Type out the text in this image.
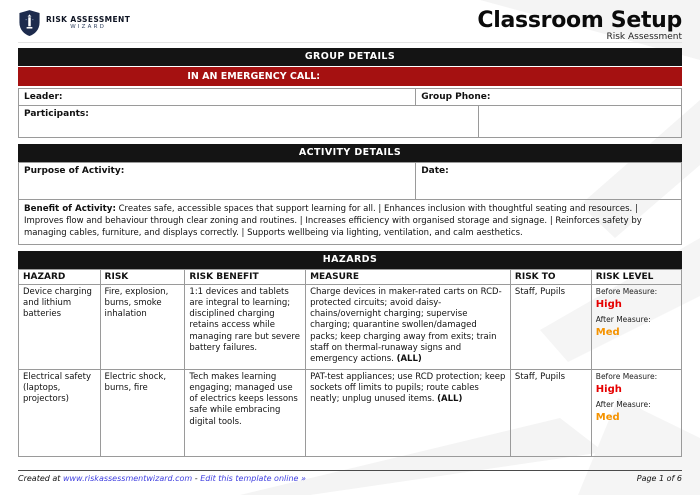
RISK ASSESSMENT
WIZARD	Classroom Setup
Risk Assessment
GROUP DETAILS
IN AN EMERGENCY CALL:
Leader:	Group Phone:
Participants:
ACTIVITY DETAILS
Purpose of Activity:	Date:
Benefit of Activity: Creates safe, accessible spaces that support learning for all. | Enhances inclusion with thoughtful seating and resources. | Improves flow and behaviour through clear zoning and routines. | Increases efficiency with organised storage and signage. | Reinforces safety by managing cables, furniture, and displays correctly. | Supports wellbeing via lighting, ventilation, and calm aesthetics.
HAZARDS
HAZARD	RISK	RISK BENEFIT	MEASURE	RISK TO	RISK LEVEL
Device charging and lithium batteries	Fire, explosion, burns, smoke inhalation	1:1 devices and tablets are integral to learning; disciplined charging retains access while managing rare but severe battery failures.	Charge devices in maker-rated carts on RCD-protected circuits; avoid daisy-chains/overnight charging; supervise charging; quarantine swollen/damaged packs; keep charging away from exits; train staff on thermal-runaway signs and emergency actions. (ALL)	Staff, Pupils	Before Measure:
High
After Measure:
Med

Electrical safety (laptops, projectors)	Electric shock, burns, fire	Tech makes learning engaging; managed use of electrics keeps lessons safe while embracing digital tools.	PAT-test appliances; use RCD protection; keep sockets off limits to pupils; route cables neatly; unplug unused items. (ALL)	Staff, Pupils	Before Measure:
High
After Measure:
Med
Created at www.riskassessmentwizard.com - Edit this template online »	Page 1 of 6
